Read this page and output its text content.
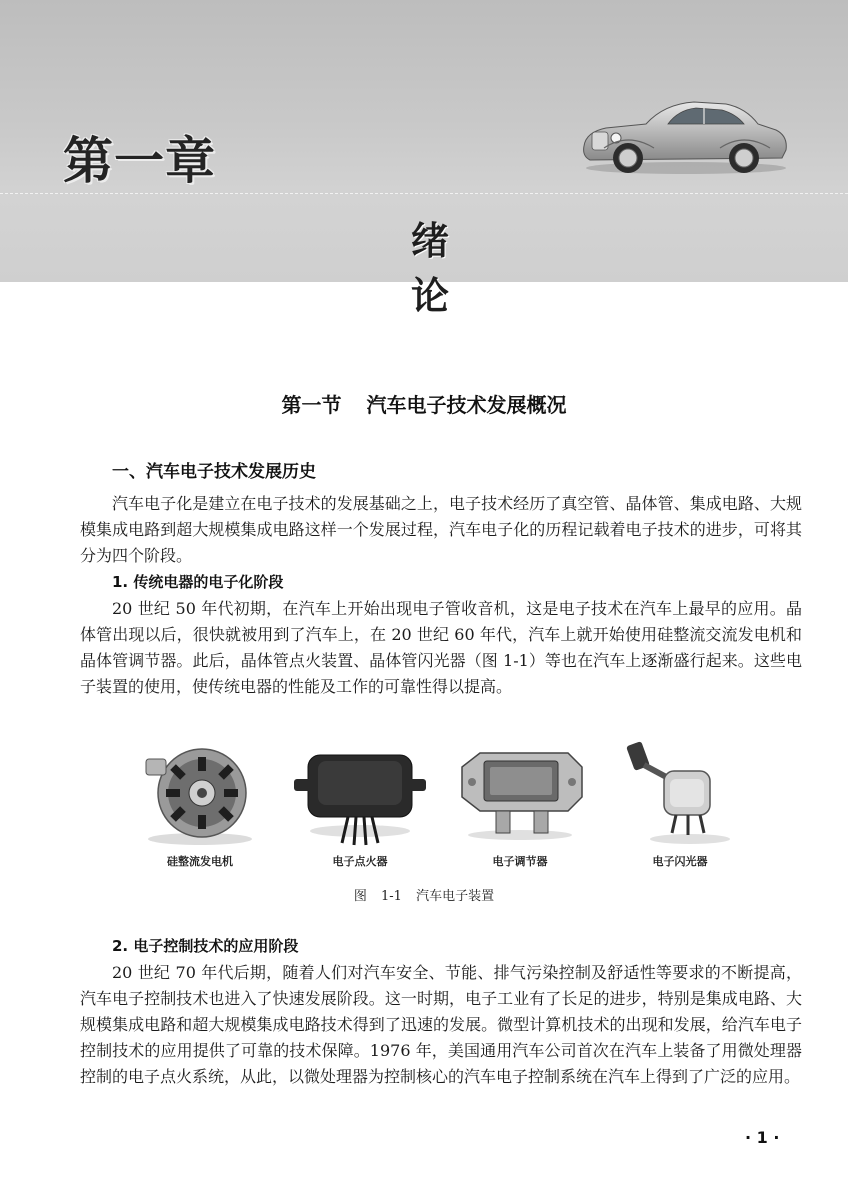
第一章
绪论
第一节 汽车电子技术发展概况
一、汽车电子技术发展历史
汽车电子化是建立在电子技术的发展基础之上，电子技术经历了真空管、晶体管、集成电路、大规模集成电路到超大规模集成电路这样一个发展过程，汽车电子化的历程记载着电子技术的进步，可将其分为四个阶段。
1. 传统电器的电子化阶段
20 世纪 50 年代初期，在汽车上开始出现电子管收音机，这是电子技术在汽车上最早的应用。晶体管出现以后，很快就被用到了汽车上，在 20 世纪 60 年代，汽车上就开始使用硅整流交流发电机和晶体管调节器。此后，晶体管点火装置、晶体管闪光器（图 1-1）等也在汽车上逐渐盛行起来。这些电子装置的使用，使传统电器的性能及工作的可靠性得以提高。
硅整流发电机	电子点火器	电子调节器	电子闪光器
图 1-1 汽车电子装置
2. 电子控制技术的应用阶段
20 世纪 70 年代后期，随着人们对汽车安全、节能、排气污染控制及舒适性等要求的不断提高，汽车电子控制技术也进入了快速发展阶段。这一时期，电子工业有了长足的进步，特别是集成电路、大规模集成电路和超大规模集成电路技术得到了迅速的发展。微型计算机技术的出现和发展，给汽车电子控制技术的应用提供了可靠的技术保障。1976 年，美国通用汽车公司首次在汽车上装备了用微处理器控制的电子点火系统，从此，以微处理器为控制核心的汽车电子控制系统在汽车上得到了广泛的应用。
· 1 ·
